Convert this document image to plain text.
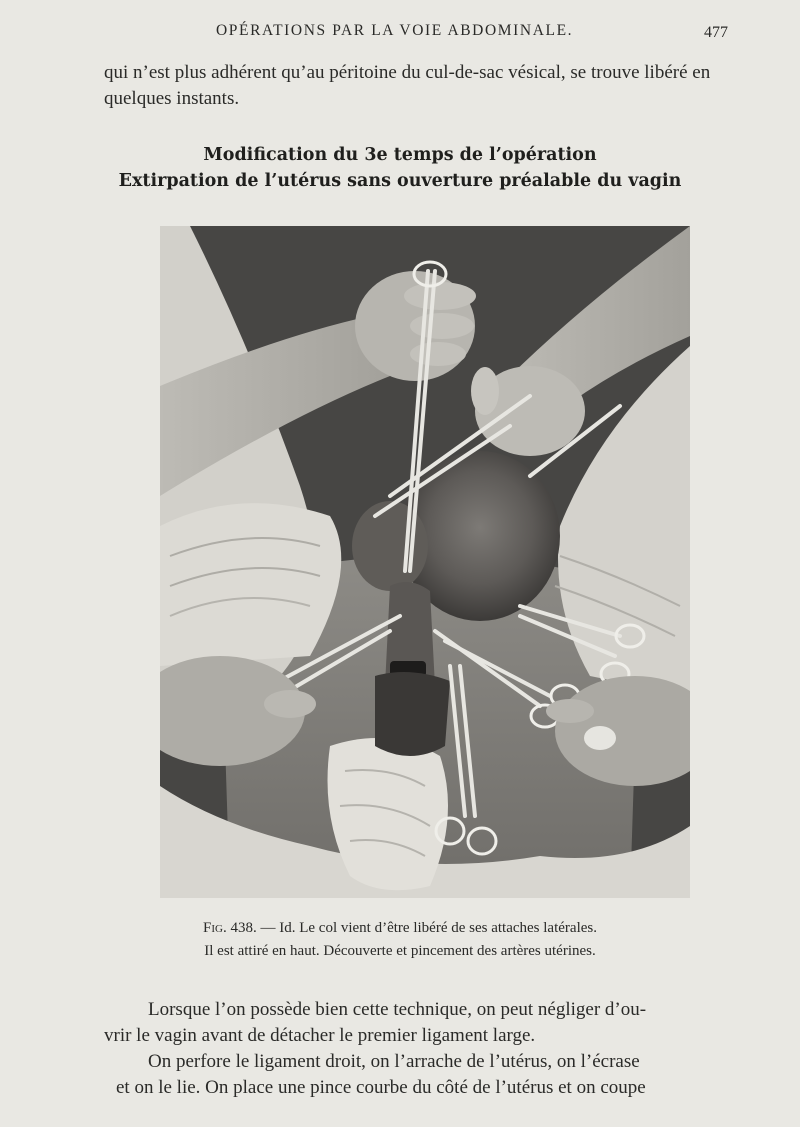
OPÉRATIONS PAR LA VOIE ABDOMINALE.	477

qui n’est plus adhérent qu’au péritoine du cul-de-sac vésical, se trouve libéré en quelques instants.

Modification du 3e temps de l’opération

Extirpation de l’utérus sans ouverture préalable du vagin

Fig. 438. — Id. Le col vient d’être libéré de ses attaches latérales.

Il est attiré en haut. Découverte et pincement des artères utérines.

Lorsque l’on possède bien cette technique, on peut négliger d’ou-

vrir le vagin avant de détacher le premier ligament large.

On perfore le ligament droit, on l’arrache de l’utérus, on l’écrase

et on le lie. On place une pince courbe du côté de l’utérus et on coupe
